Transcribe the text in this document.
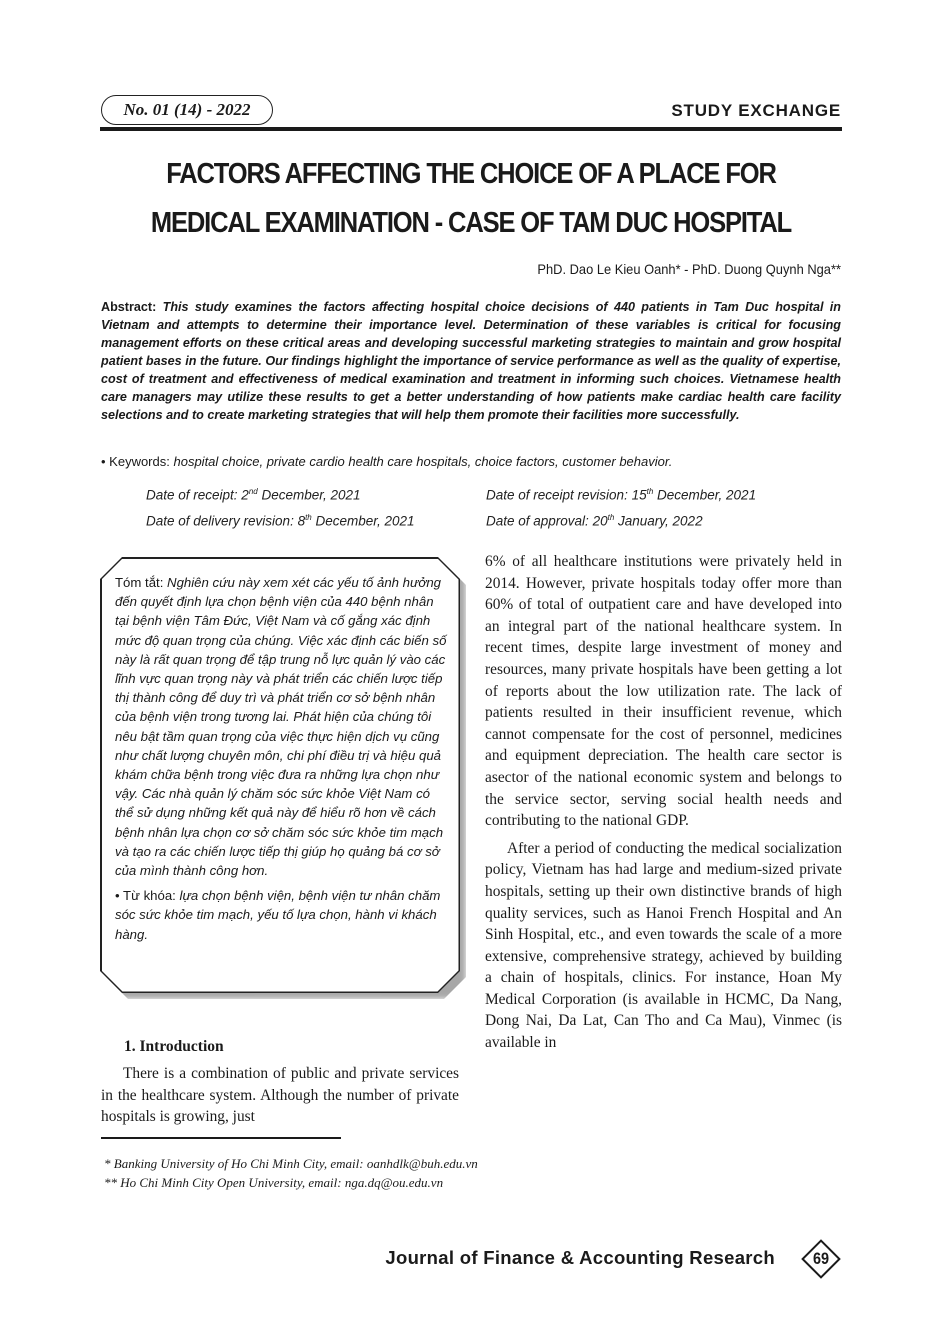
No. 01 (14) - 2022	STUDY EXCHANGE
FACTORS AFFECTING THE CHOICE OF A PLACE FOR
MEDICAL EXAMINATION - CASE OF TAM DUC HOSPITAL
PhD. Dao Le Kieu Oanh* - PhD. Duong Quynh Nga**
Abstract: This study examines the factors affecting hospital choice decisions of 440 patients in Tam Duc hospital in Vietnam and attempts to determine their importance level. Determination of these variables is critical for focusing management efforts on these critical areas and developing successful marketing strategies to maintain and grow hospital patient bases in the future. Our findings highlight the importance of service performance as well as the quality of expertise, cost of treatment and effectiveness of medical examination and treatment in informing such choices. Vietnamese health care managers may utilize these results to get a better understanding of how patients make cardiac health care facility selections and to create marketing strategies that will help them promote their facilities more successfully.
• Keywords: hospital choice, private cardio health care hospitals, choice factors, customer behavior.
Date of receipt: 2nd December, 2021	Date of receipt revision: 15th December, 2021
Date of delivery revision: 8th December, 2021	Date of approval: 20th January, 2022

Tóm tắt: Nghiên cứu này xem xét các yếu tố ảnh hưởng đến quyết định lựa chọn bệnh viện của 440 bệnh nhân tại bệnh viện Tâm Đức, Việt Nam và cố gắng xác định mức độ quan trọng của chúng. Việc xác định các biến số này là rất quan trọng để tập trung nỗ lực quản lý vào các lĩnh vực quan trọng này và phát triển các chiến lược tiếp thị thành công để duy trì và phát triển cơ sở bệnh nhân của bệnh viện trong tương lai. Phát hiện của chúng tôi nêu bật tầm quan trọng của việc thực hiện dịch vụ cũng như chất lượng chuyên môn, chi phí điều trị và hiệu quả khám chữa bệnh trong việc đưa ra những lựa chọn như vậy. Các nhà quản lý chăm sóc sức khỏe Việt Nam có thể sử dụng những kết quả này để hiểu rõ hơn về cách bệnh nhân lựa chọn cơ sở chăm sóc sức khỏe tim mạch và tạo ra các chiến lược tiếp thị giúp họ quảng bá cơ sở của mình thành công hơn.

• Từ khóa: lựa chọn bệnh viện, bệnh viện tư nhân chăm sóc sức khỏe tim mạch, yếu tố lựa chọn, hành vi khách hàng.

1. Introduction

There is a combination of public and private services in the healthcare system. Although the number of private hospitals is growing, just

6% of all healthcare institutions were privately held in 2014. However, private hospitals today offer more than 60% of total of outpatient care and have developed into an integral part of the national healthcare system. In recent times, despite large investment of money and resources, many private hospitals have been getting a lot of reports about the low utilization rate. The lack of patients resulted in their insufficient revenue, which cannot compensate for the cost of personnel, medicines and equipment depreciation. The health care sector is asector of the national economic system and belongs to the service sector, serving social health needs and contributing to the national GDP.

After a period of conducting the medical socialization policy, Vietnam has had large and medium-sized private hospitals, setting up their own distinctive brands of high quality services, such as Hanoi French Hospital and An Sinh Hospital, etc., and even towards the scale of a more extensive, comprehensive strategy, achieved by building a chain of hospitals, clinics. For instance, Hoan My Medical Corporation (is available in HCMC, Da Nang, Dong Nai, Da Lat, Can Tho and Ca Mau), Vinmec (is available in

* Banking University of Ho Chi Minh City, email: oanhdlk@buh.edu.vn
** Ho Chi Minh City Open University, email: nga.dq@ou.edu.vn
Journal of Finance & Accounting Research	69
